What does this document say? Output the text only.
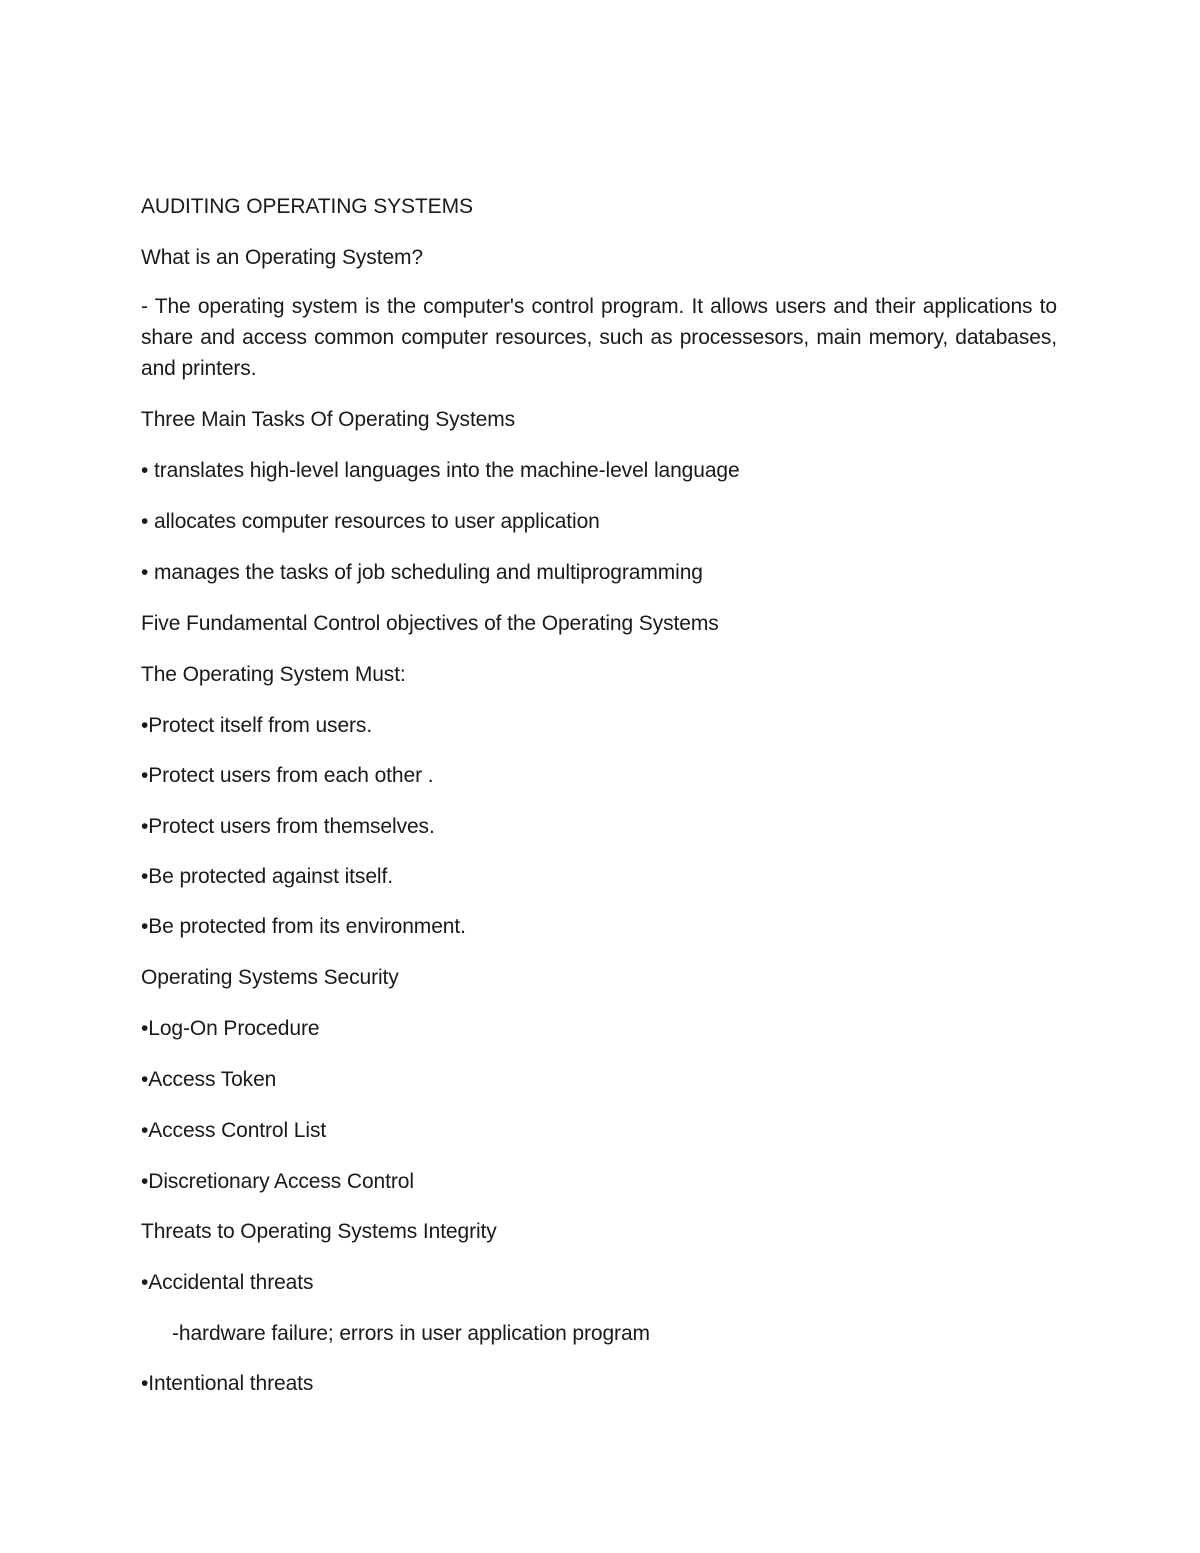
AUDITING OPERATING SYSTEMS
What is an Operating System?
- The operating system is the computer's control program. It allows users and their applications to share and access common computer resources, such as processesors, main memory, databases, and printers.
Three Main Tasks Of Operating Systems
• translates high-level languages into the machine-level language
• allocates computer resources to user application
• manages the tasks of job scheduling and multiprogramming
Five Fundamental Control objectives of the Operating Systems
The Operating System Must:
•Protect itself from users.
•Protect users from each other .
•Protect users from themselves.
•Be protected against itself.
•Be protected from its environment.
Operating Systems Security
•Log-On Procedure
•Access Token
•Access Control List
•Discretionary Access Control
Threats to Operating Systems Integrity
•Accidental threats
-hardware failure; errors in user application program
•Intentional threats
